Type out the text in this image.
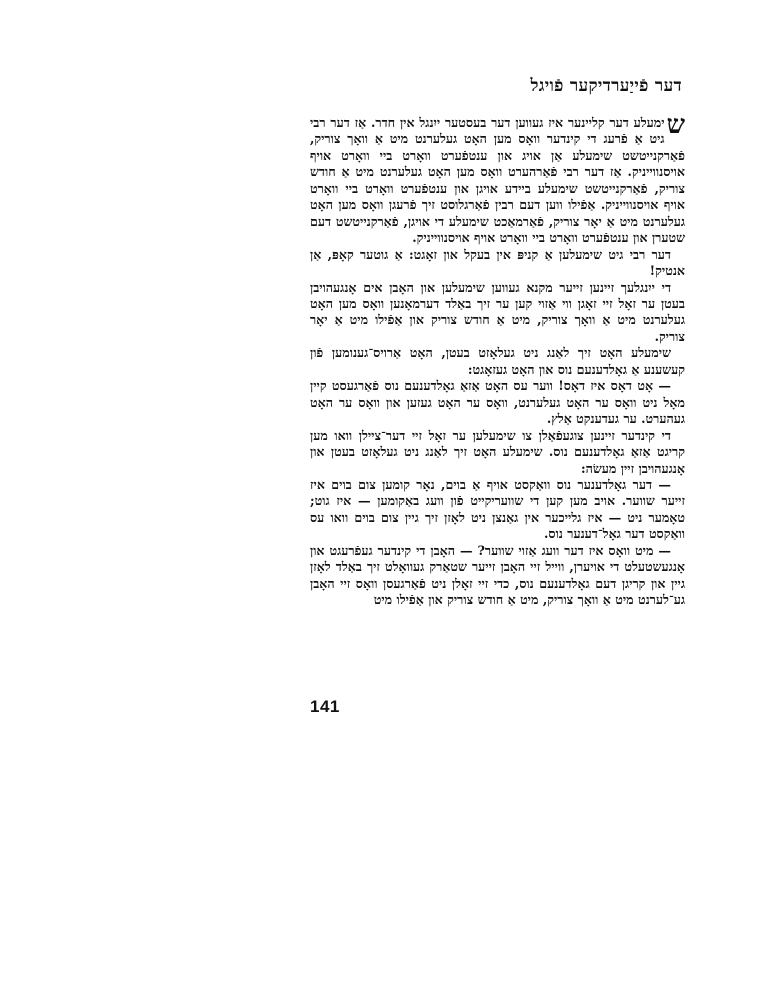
דער פֿייַערדיקער פֿויגל

ש
ימעלע דער קליינער איז געווען דער בעסטער ייִנגל אין חדר. אַז דער רבי גיט אַ פֿרעג די קינדער וואָס מען האָט געלערנט מיט אַ וואָך צוריק, פֿאַרקנייטשט שימעלע אַן אויג און ענטפֿערט וואָרט ביי וואָרט אויף אויסנווייניק. אַז דער רבי פֿאַרהערט וואָס מען האָט געלערנט מיט אַ חודש צוריק, פֿאַרקנייטשט שימעלע ביידע אויגן און ענטפֿערט וואָרט ביי וואָרט אויף אויסנווייניק. אַפֿילו ווען דעם רבין פֿאַרגלוסט זיך פֿרעגן וואָס מען האָט געלערנט מיט אַ יאָר צוריק, פֿאַרמאַכט שימעלע די אויגן, פֿאַרקנייטשט דעם שטערן און ענטפֿערט וואָרט ביי וואָרט אויף אויסנווייניק.

דער רבי גיט שימעלען אַ קניפּ אין בעקל און זאָגט: אַ גוטער קאָפּ, אַן אנטיק!

די ייִנגלעך זיינען זייער מקנא געווען שימעלען און האָבן אים אָנגעהויבן בעטן ער זאָל זיי זאָגן ווי אַזוי קען ער זיך באַלד דערמאָנען וואָס מען האָט געלערנט מיט אַ וואָך צוריק, מיט אַ חודש צוריק און אַפֿילו מיט אַ יאָר צוריק.

שימעלע האָט זיך לאַנג ניט געלאָזט בעטן, האָט אַרויס־גענומען פֿון קעשענע אַ גאָלדענעם נוס און האָט געזאָגט:

— אָט דאָס איז דאָס! ווער עס האָט אַזאַ גאָלדענעם נוס פֿאַרגעסט קיין מאָל ניט וואָס ער האָט געלערנט, וואָס ער האָט געזען און וואָס ער האָט געהערט. ער געדענקט אַלץ.

די קינדער זיינען צוגעפֿאַלן צו שימעלען ער זאָל זיי דער־ציילן וואו מען קריגט אַזאַ גאָלדענעם נוס. שימעלע האָט זיך לאַנג ניט געלאָזט בעטן און אָנגעהויבן זיין מעשׂה:

— דער גאָלדענער נוס וואַקסט אויף אַ בוים, נאָר קומען צום בוים איז זייער שווער. אויב מען קען די שוועריקייט פֿון וועג באַקומען — איז גוט; טאָמער ניט — איז גלייכער אין גאַנצן ניט לאָזן זיך גיין צום בוים וואו עס וואַקסט דער גאָל־דענער נוס.

— מיט וואָס איז דער וועג אַזוי שווער? — האָבן די קינדער געפֿרעגט און אָנגעשטעלט די אויערן, ווייל זיי האָבן זייער שטאַרק געוואָלט זיך באַלד לאָזן גיין און קריגן דעם גאָלדענעם נוס, כדי זיי זאָלן ניט פֿאַרגעסן וואָס זיי האָבן גע־לערנט מיט אַ וואָך צוריק, מיט אַ חודש צוריק און אַפֿילו מיט

141
